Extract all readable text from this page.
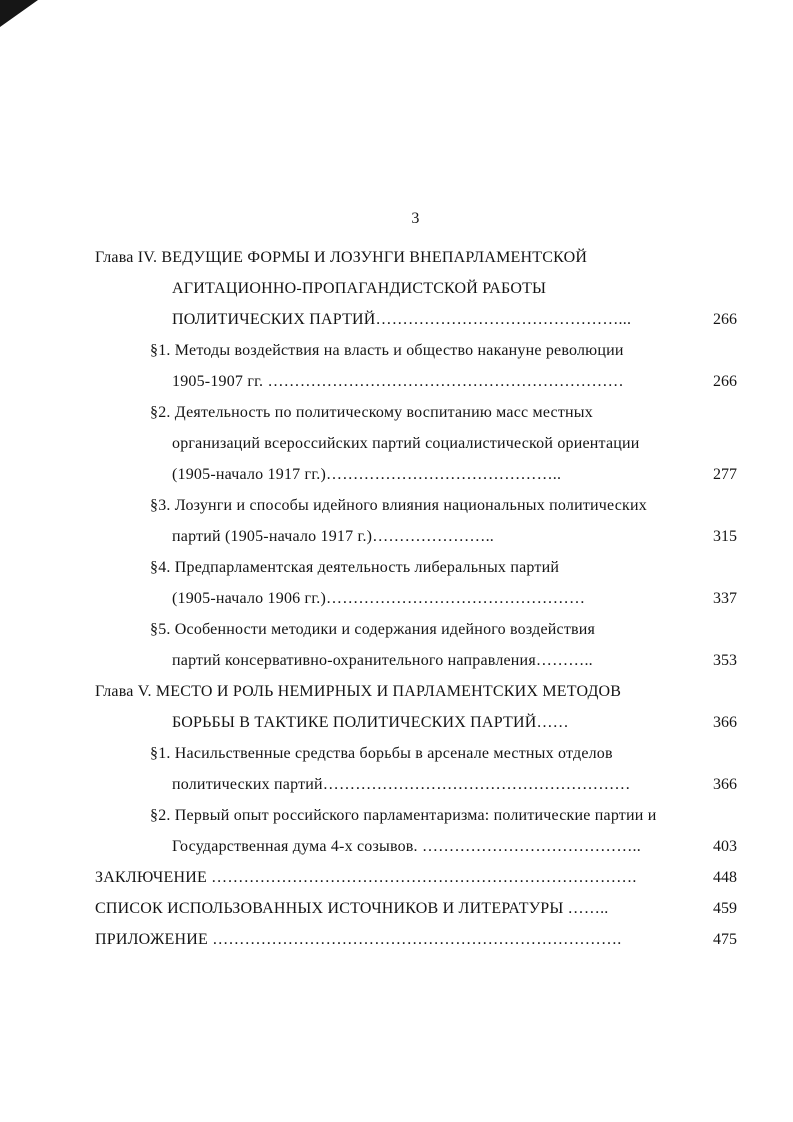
3
Глава IV. ВЕДУЩИЕ ФОРМЫ И ЛОЗУНГИ ВНЕПАРЛАМЕНТСКОЙ
АГИТАЦИОННО-ПРОПАГАНДИСТСКОЙ РАБОТЫ
ПОЛИТИЧЕСКИХ ПАРТИЙ………………………………………...	266
§1. Методы воздействия на власть и общество накануне революции
1905-1907 гг. …………………………………………………………	266
§2. Деятельность по политическому воспитанию масс местных
организаций всероссийских партий социалистической ориентации
(1905-начало 1917 гг.)……………………………………..	277
§3. Лозунги и способы идейного влияния национальных политических
партий (1905-начало 1917 г.)…………………..	315
§4. Предпарламентская деятельность либеральных партий
(1905-начало 1906 гг.)…………………………………………	337
§5. Особенности методики и содержания идейного воздействия
партий консервативно-охранительного направления………..	353
Глава V. МЕСТО И РОЛЬ НЕМИРНЫХ И ПАРЛАМЕНТСКИХ МЕТОДОВ
БОРЬБЫ В ТАКТИКЕ ПОЛИТИЧЕСКИХ ПАРТИЙ……	366
§1. Насильственные средства борьбы в арсенале местных отделов
политических партий…………………………………………………	366
§2. Первый опыт российского парламентаризма: политические партии и
Государственная дума 4-х созывов. …………………………………..	403
ЗАКЛЮЧЕНИЕ …………………………………………………………………….	448
СПИСОК ИСПОЛЬЗОВАННЫХ ИСТОЧНИКОВ И ЛИТЕРАТУРЫ ……..	459
ПРИЛОЖЕНИЕ ………………………………………………………………….	475
